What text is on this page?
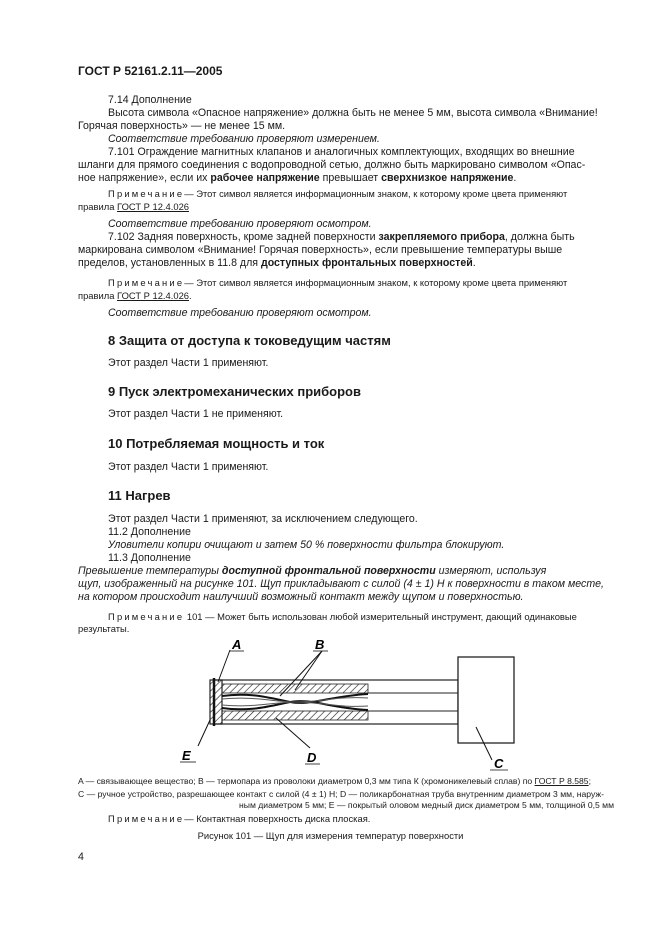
ГОСТ Р 52161.2.11—2005
7.14 Дополнение
Высота символа «Опасное напряжение» должна быть не менее 5 мм, высота символа «Внимание!
Горячая поверхность» — не менее 15 мм.
Соответствие требованию проверяют измерением.
7.101 Ограждение магнитных клапанов и аналогичных комплектующих, входящих во внешние
шланги для прямого соединения с водопроводной сетью, должно быть маркировано символом «Опас-
ное напряжение», если их рабочее напряжение превышает сверхнизкое напряжение.
Примечание— Этот символ является информационным знаком, к которому кроме цвета применяют
правила ГОСТ Р 12.4.026
Соответствие требованию проверяют осмотром.
7.102 Задняя поверхность, кроме задней поверхности закрепляемого прибора, должна быть
маркирована символом «Внимание! Горячая поверхность», если превышение температуры выше
пределов, установленных в 11.8 для доступных фронтальных поверхностей.
Примечание— Этот символ является информационным знаком, к которому кроме цвета применяют
правила ГОСТ Р 12.4.026.
Соответствие требованию проверяют осмотром.
8 Защита от доступа к токоведущим частям
Этот раздел Части 1 применяют.
9 Пуск электромеханических приборов
Этот раздел Части 1 не применяют.
10 Потребляемая мощность и ток
Этот раздел Части 1 применяют.
11 Нагрев
Этот раздел Части 1 применяют, за исключением следующего.
11.2 Дополнение
Уловители копири очищают и затем 50 % поверхности фильтра блокируют.
11.3 Дополнение
Превышение температуры доступной фронтальной поверхности измеряют, используя
щуп, изображенный на рисунке 101. Щуп прикладывают с силой (4 ± 1) Н к поверхности в таком месте,
на котором происходит наилучший возможный контакт между щупом и поверхностью.
Примечание 101 — Может быть использован любой измерительный инструмент, дающий одинаковые
результаты.
A	B
E	D	C
A — связывающее вещество; B — термопара из проволоки диаметром 0,3 мм типа К (хромоникелевый сплав) по ГОСТ Р 8.585;
C — ручное устройство, разрешающее контакт с силой (4 ± 1) Н; D — поликарбонатная труба внутренним диаметром 3 мм, наруж-
ным диаметром 5 мм; E — покрытый оловом медный диск диаметром 5 мм, толщиной 0,5 мм
Примечание— Контактная поверхность диска плоская.
Рисунок 101 — Щуп для измерения температур поверхности
4
